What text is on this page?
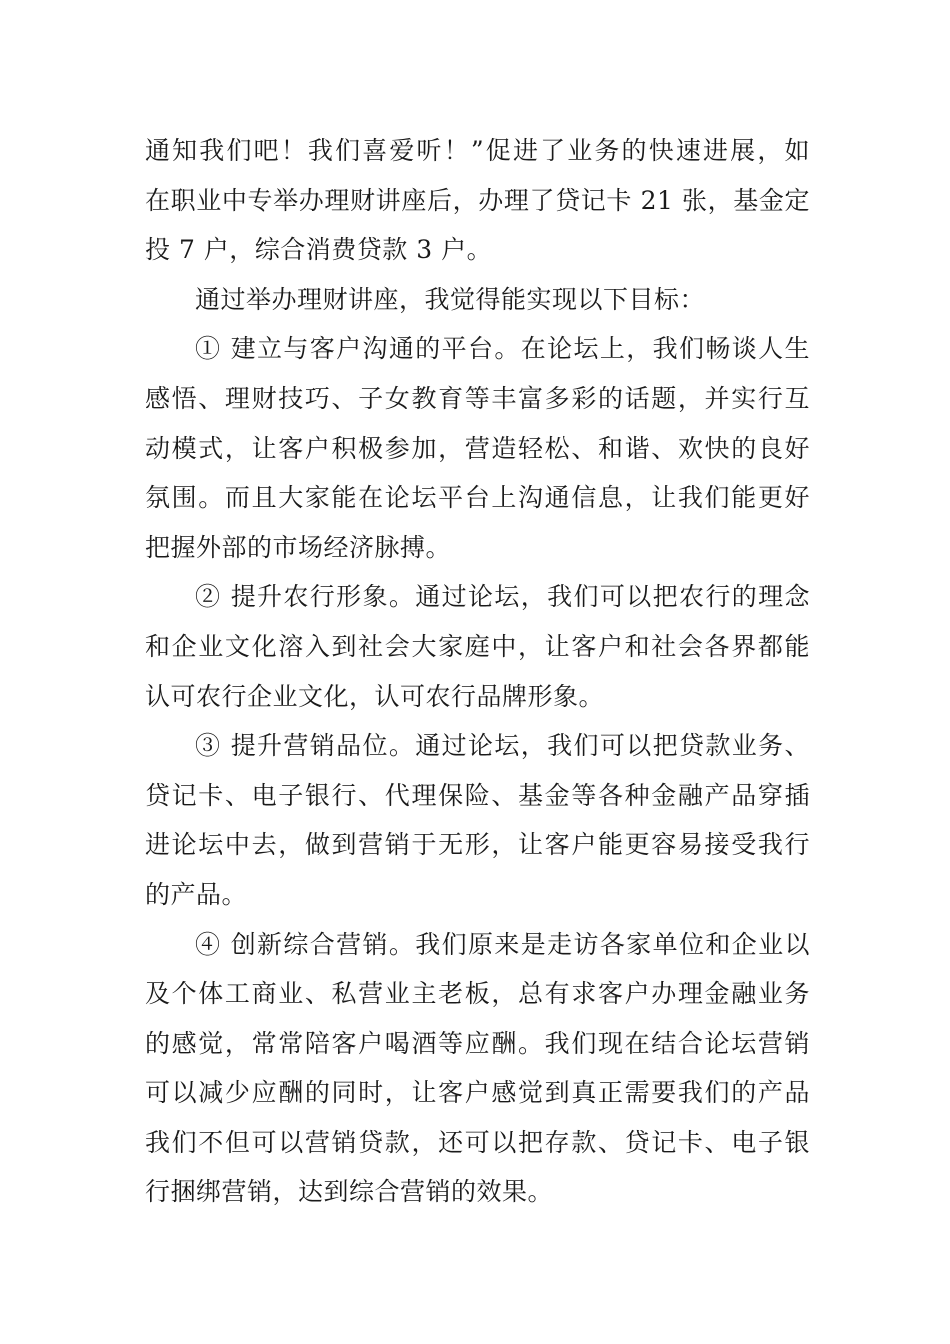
通知我们吧！我们喜爱听！”促进了业务的快速进展，如
在职业中专举办理财讲座后，办理了贷记卡 21 张，基金定
投 7 户，综合消费贷款 3 户。
通过举办理财讲座，我觉得能实现以下目标：
① 建立与客户沟通的平台。在论坛上，我们畅谈人生
感悟、理财技巧、子女教育等丰富多彩的话题，并实行互
动模式，让客户积极参加，营造轻松、和谐、欢快的良好
氛围。而且大家能在论坛平台上沟通信息，让我们能更好
把握外部的市场经济脉搏。
② 提升农行形象。通过论坛，我们可以把农行的理念
和企业文化溶入到社会大家庭中，让客户和社会各界都能
认可农行企业文化，认可农行品牌形象。
③ 提升营销品位。通过论坛，我们可以把贷款业务、
贷记卡、电子银行、代理保险、基金等各种金融产品穿插
进论坛中去，做到营销于无形，让客户能更容易接受我行
的产品。
④ 创新综合营销。我们原来是走访各家单位和企业以
及个体工商业、私营业主老板，总有求客户办理金融业务
的感觉，常常陪客户喝酒等应酬。我们现在结合论坛营销
可以减少应酬的同时，让客户感觉到真正需要我们的产品
我们不但可以营销贷款，还可以把存款、贷记卡、电子银
行捆绑营销，达到综合营销的效果。
